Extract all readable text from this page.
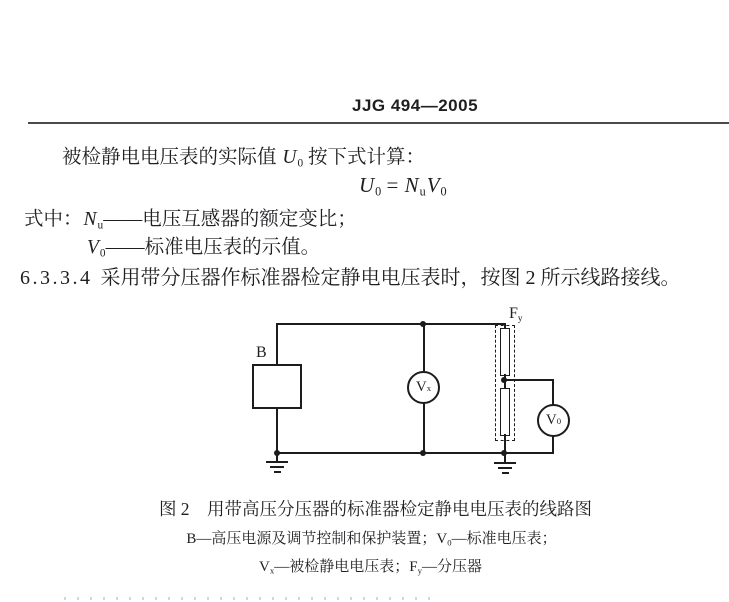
JJG 494—2005
被检静电电压表的实际值 U0 按下式计算：
U0 = NuV0
式中：Nu——电压互感器的额定变比；
V0——标准电压表的示值。
6.3.3.4 采用带分压器作标准器检定静电电压表时，按图 2 所示线路接线。
B
V x
Fy
V 0
图 2　用带高压分压器的标准器检定静电电压表的线路图
B—高压电源及调节控制和保护装置；V0—标准电压表；
Vx—被检静电电压表；Fy—分压器
